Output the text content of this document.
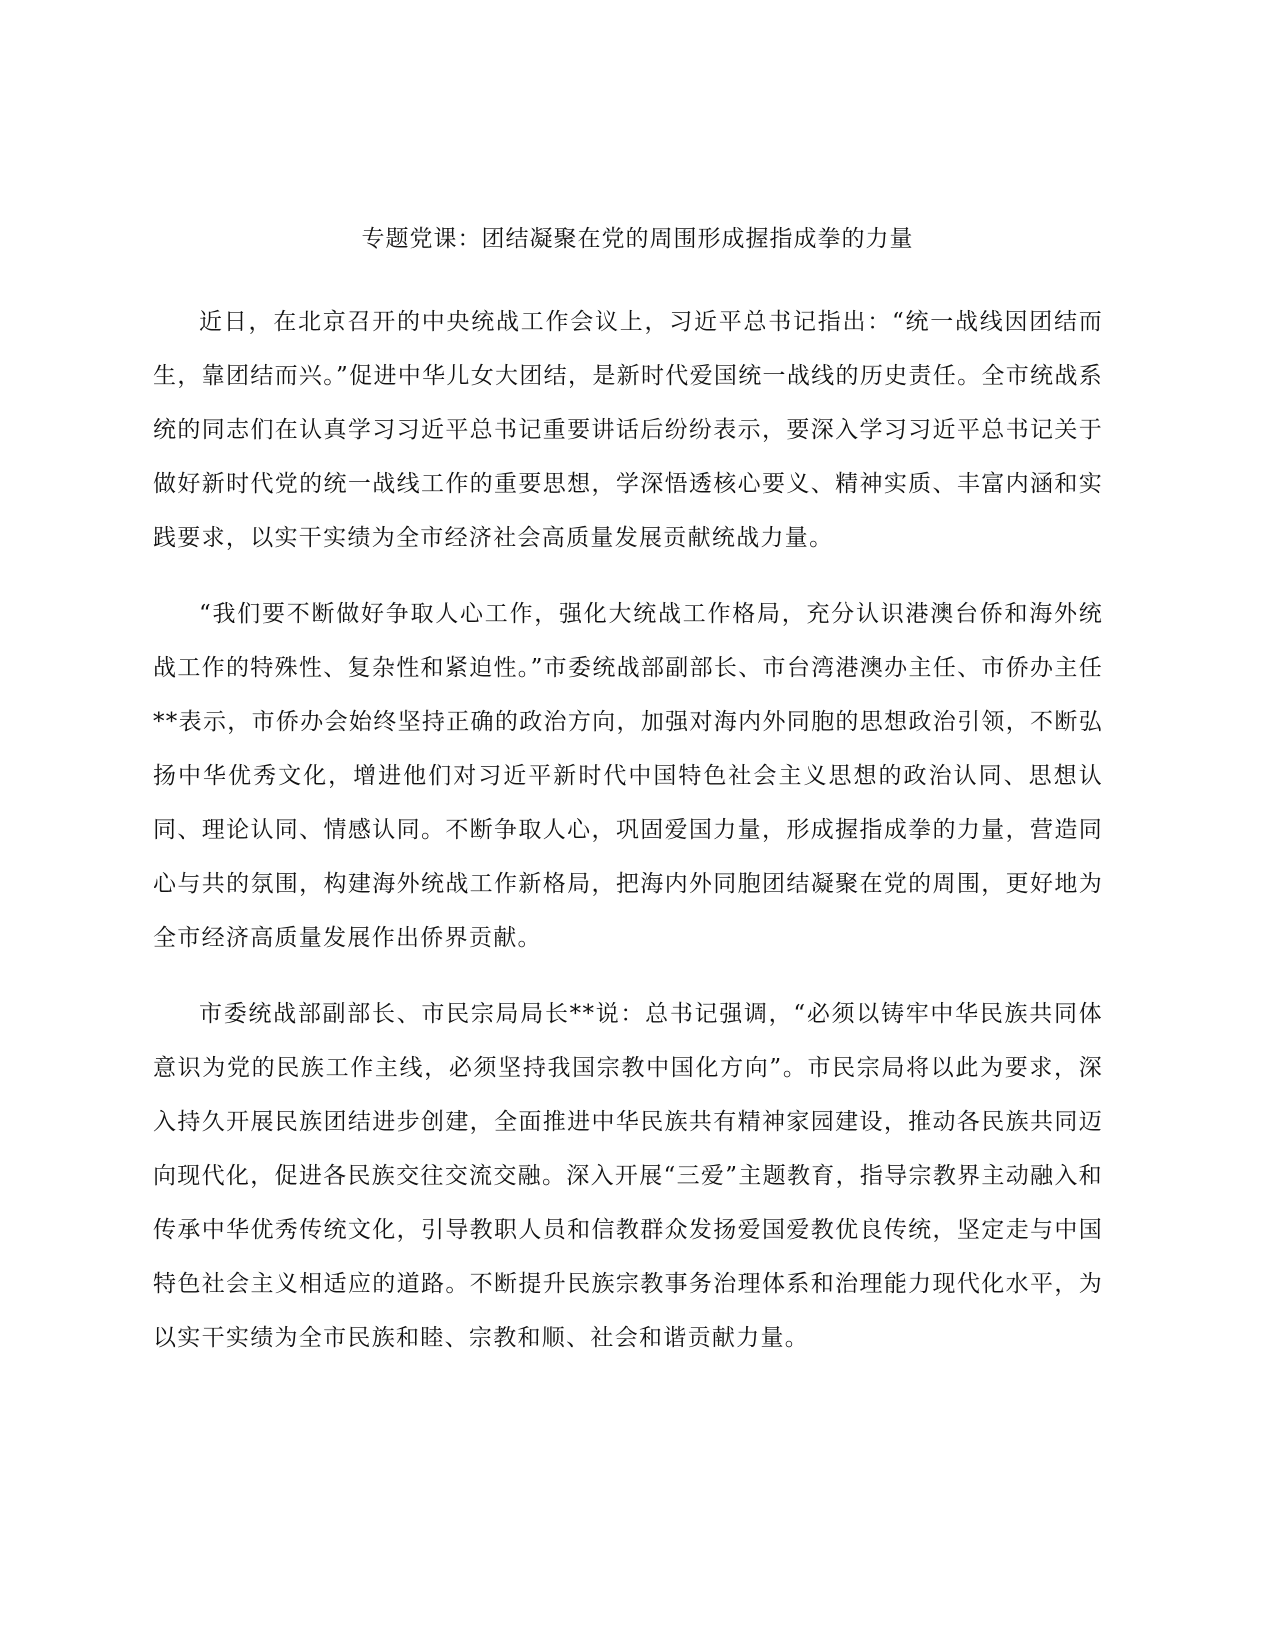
专题党课：团结凝聚在党的周围形成握指成拳的力量

近日，在北京召开的中央统战工作会议上，习近平总书记指出：“统一战线因团结而生，靠团结而兴。”促进中华儿女大团结，是新时代爱国统一战线的历史责任。全市统战系统的同志们在认真学习习近平总书记重要讲话后纷纷表示，要深入学习习近平总书记关于做好新时代党的统一战线工作的重要思想，学深悟透核心要义、精神实质、丰富内涵和实践要求，以实干实绩为全市经济社会高质量发展贡献统战力量。

“我们要不断做好争取人心工作，强化大统战工作格局，充分认识港澳台侨和海外统战工作的特殊性、复杂性和紧迫性。”市委统战部副部长、市台湾港澳办主任、市侨办主任**表示，市侨办会始终坚持正确的政治方向，加强对海内外同胞的思想政治引领，不断弘扬中华优秀文化，增进他们对习近平新时代中国特色社会主义思想的政治认同、思想认同、理论认同、情感认同。不断争取人心，巩固爱国力量，形成握指成拳的力量，营造同心与共的氛围，构建海外统战工作新格局，把海内外同胞团结凝聚在党的周围，更好地为全市经济高质量发展作出侨界贡献。

市委统战部副部长、市民宗局局长**说：总书记强调，“必须以铸牢中华民族共同体意识为党的民族工作主线，必须坚持我国宗教中国化方向”。市民宗局将以此为要求，深入持久开展民族团结进步创建，全面推进中华民族共有精神家园建设，推动各民族共同迈向现代化，促进各民族交往交流交融。深入开展“三爱”主题教育，指导宗教界主动融入和传承中华优秀传统文化，引导教职人员和信教群众发扬爱国爱教优良传统，坚定走与中国特色社会主义相适应的道路。不断提升民族宗教事务治理体系和治理能力现代化水平，为以实干实绩为全市民族和睦、宗教和顺、社会和谐贡献力量。
